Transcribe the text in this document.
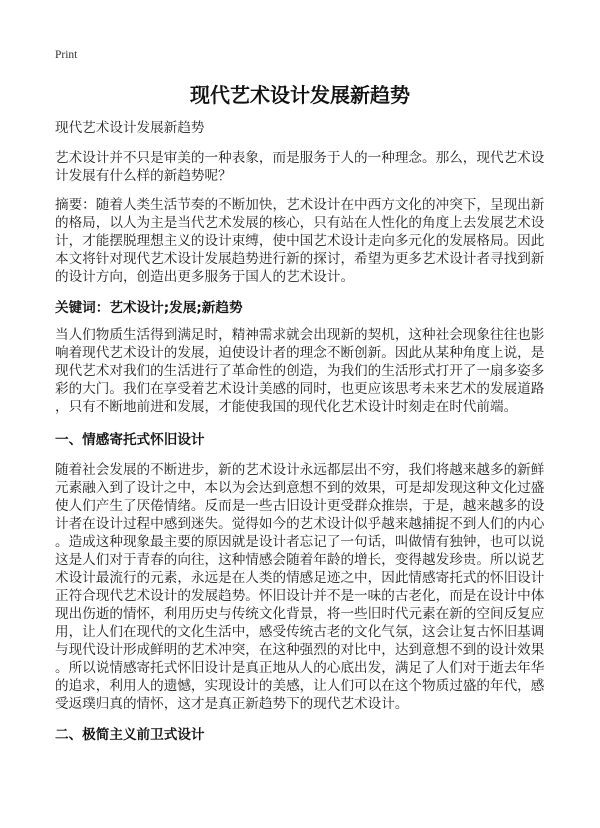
Print
现代艺术设计发展新趋势

现代艺术设计发展新趋势

艺术设计并不只是审美的一种表象，而是服务于人的一种理念。那么，现代艺术设
计发展有什么样的新趋势呢？

摘要：随着人类生活节奏的不断加快，艺术设计在中西方文化的冲突下，呈现出新
的格局，以人为主是当代艺术发展的核心，只有站在人性化的角度上去发展艺术设
计，才能摆脱理想主义的设计束缚，使中国艺术设计走向多元化的发展格局。因此
本文将针对现代艺术设计发展趋势进行新的探讨，希望为更多艺术设计者寻找到新
的设计方向，创造出更多服务于国人的艺术设计。

关键词：艺术设计;发展;新趋势

当人们物质生活得到满足时，精神需求就会出现新的契机，这种社会现象往往也影
响着现代艺术设计的发展，迫使设计者的理念不断创新。因此从某种角度上说，是
现代艺术对我们的生活进行了革命性的创造，为我们的生活形式打开了一扇多姿多
彩的大门。我们在享受着艺术设计美感的同时，也更应该思考未来艺术的发展道路
，只有不断地前进和发展，才能使我国的现代化艺术设计时刻走在时代前端。

一、情感寄托式怀旧设计

随着社会发展的不断进步，新的艺术设计永远都层出不穷，我们将越来越多的新鲜
元素融入到了设计之中，本以为会达到意想不到的效果，可是却发现这种文化过盛
使人们产生了厌倦情绪。反而是一些古旧设计更受群众推崇，于是，越来越多的设
计者在设计过程中感到迷失。觉得如今的艺术设计似乎越来越捕捉不到人们的内心
。造成这种现象最主要的原因就是设计者忘记了一句话，叫做情有独钟，也可以说
这是人们对于青春的向往，这种情感会随着年龄的增长，变得越发珍贵。所以说艺
术设计最流行的元素，永远是在人类的情感足迹之中，因此情感寄托式的怀旧设计
正符合现代艺术设计的发展趋势。怀旧设计并不是一味的古老化，而是在设计中体
现出伤逝的情怀，利用历史与传统文化背景，将一些旧时代元素在新的空间反复应
用，让人们在现代的文化生活中，感受传统古老的文化气氛，这会让复古怀旧基调
与现代设计形成鲜明的艺术冲突，在这种强烈的对比中，达到意想不到的设计效果
。所以说情感寄托式怀旧设计是真正地从人的心底出发，满足了人们对于逝去年华
的追求，利用人的遗憾，实现设计的美感，让人们可以在这个物质过盛的年代，感
受返璞归真的情怀，这才是真正新趋势下的现代艺术设计。

二、极简主义前卫式设计
